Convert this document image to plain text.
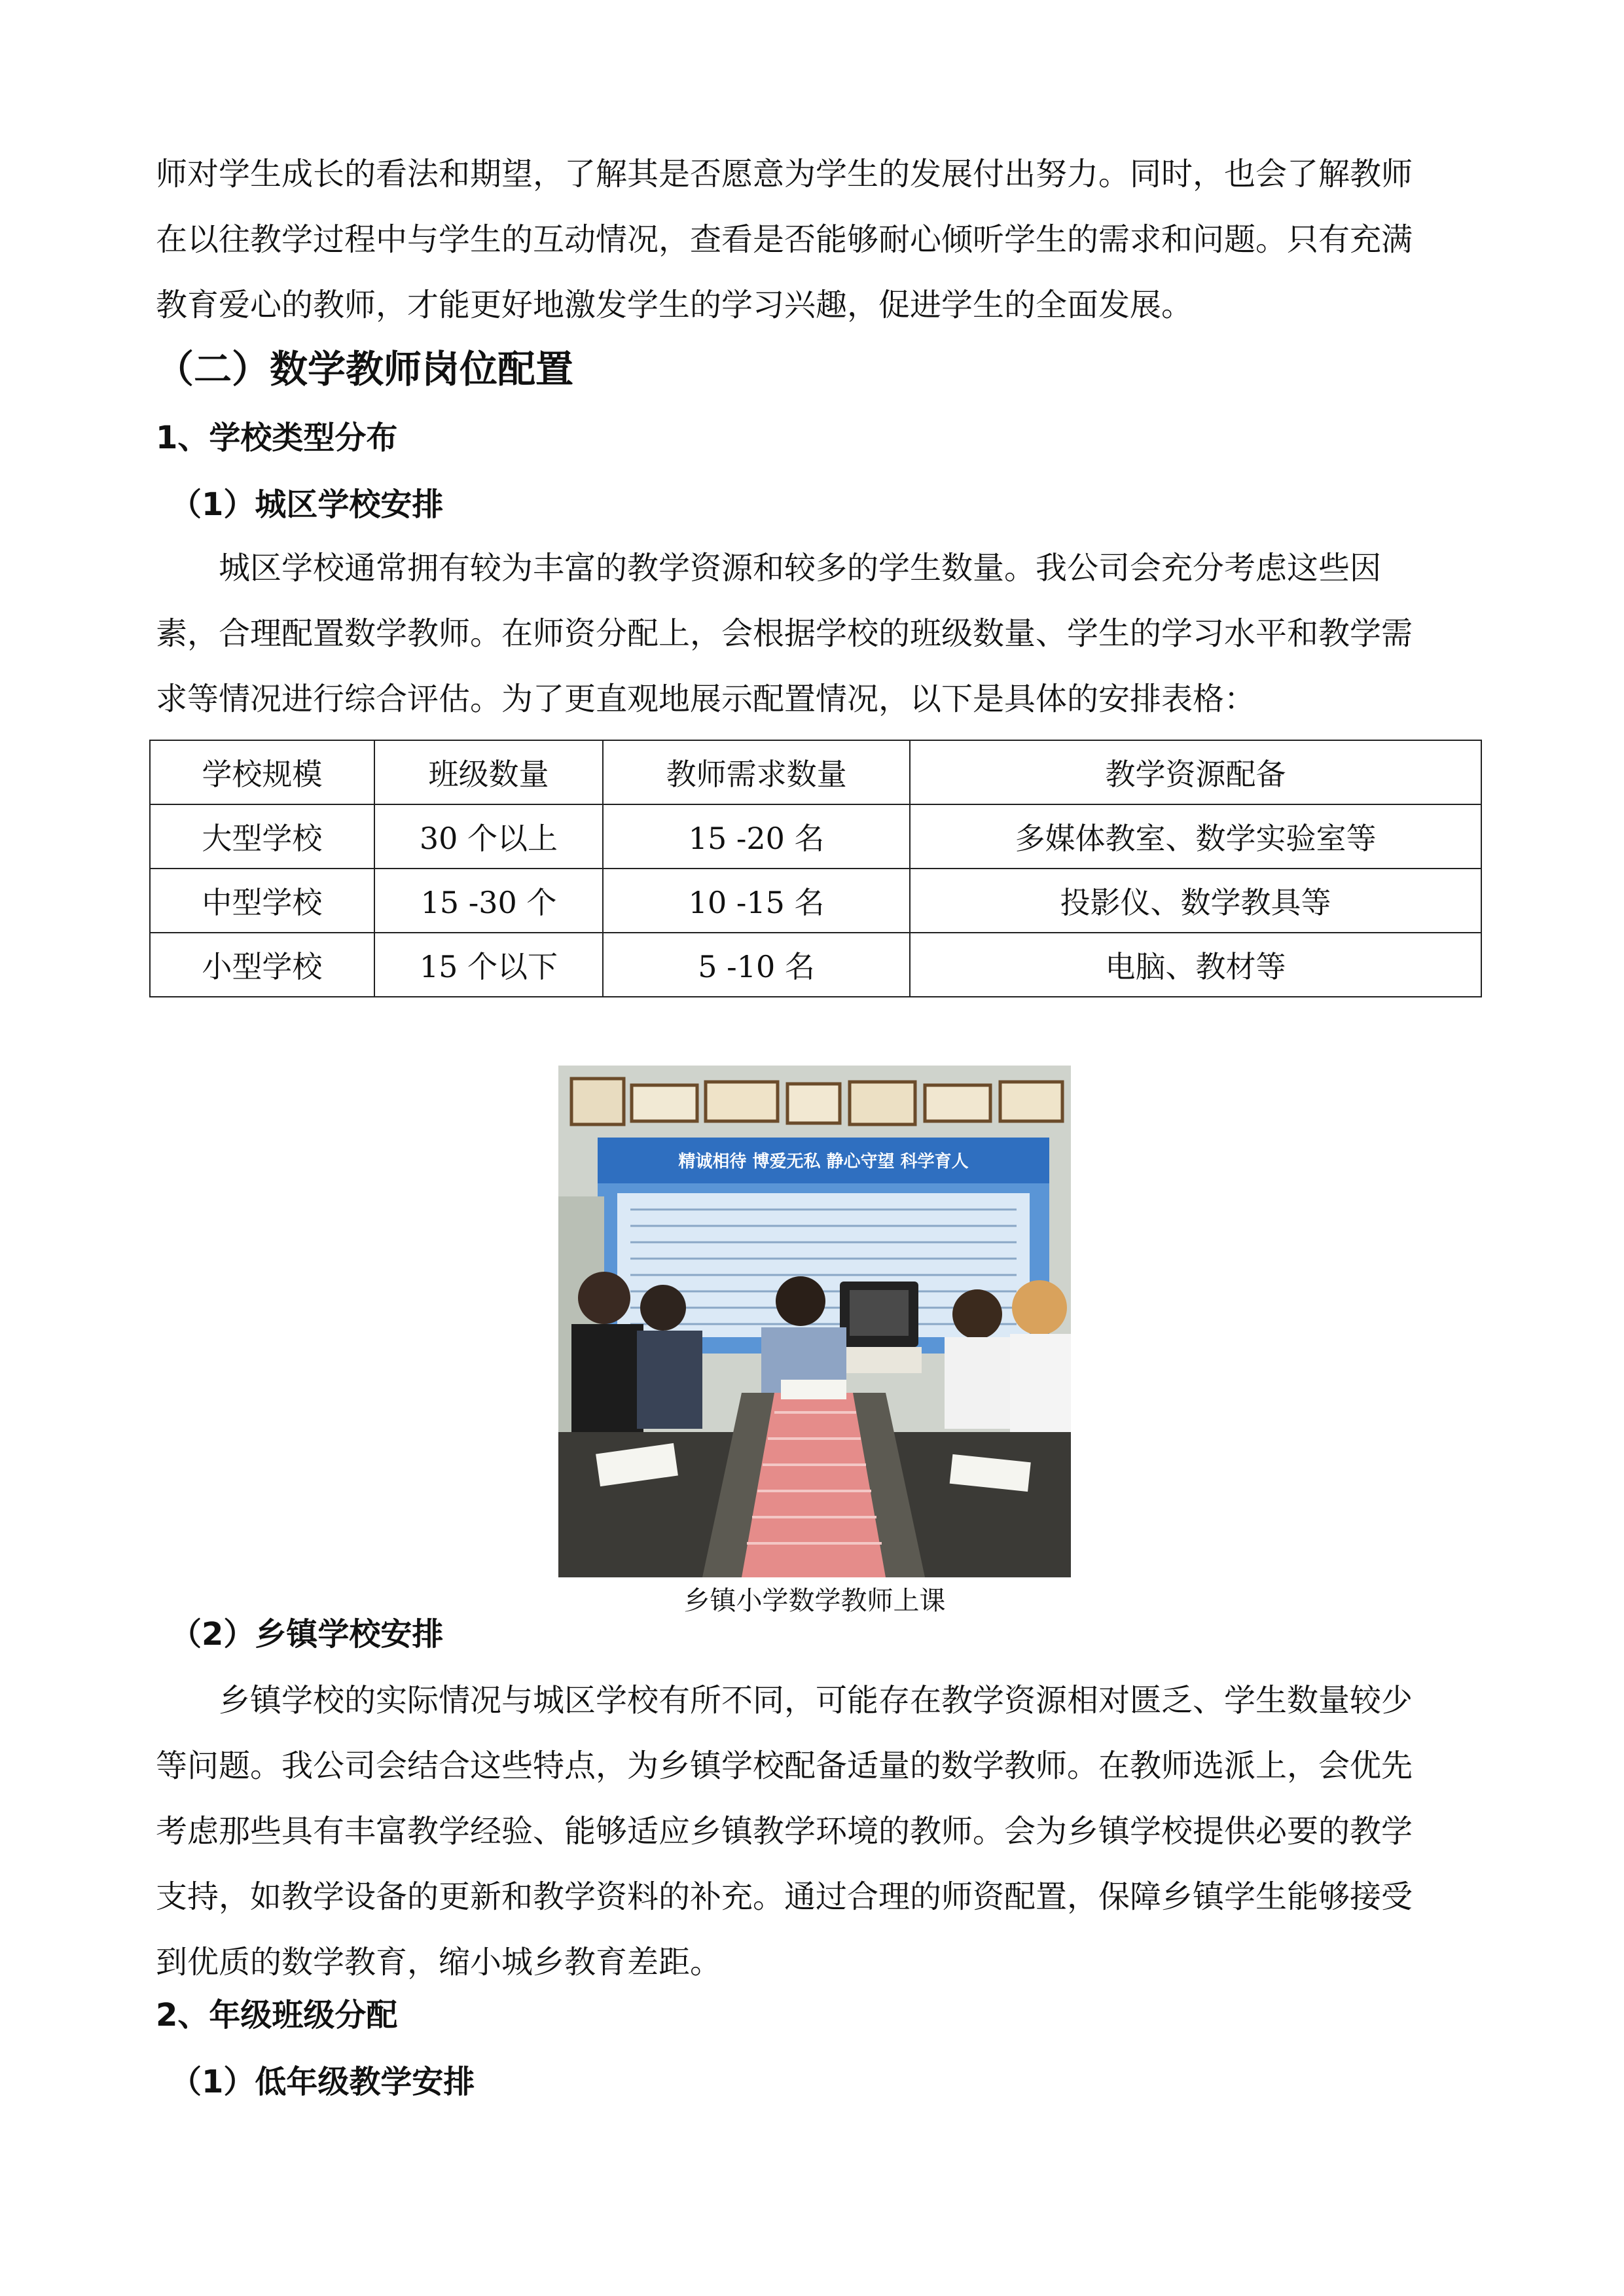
师对学生成长的看法和期望，了解其是否愿意为学生的发展付出努力。同时，也会了解教师
在以往教学过程中与学生的互动情况，查看是否能够耐心倾听学生的需求和问题。只有充满
教育爱心的教师，才能更好地激发学生的学习兴趣，促进学生的全面发展。
（二）数学教师岗位配置
1、学校类型分布
（1）城区学校安排
城区学校通常拥有较为丰富的教学资源和较多的学生数量。我公司会充分考虑这些因
素，合理配置数学教师。在师资分配上，会根据学校的班级数量、学生的学习水平和教学需
求等情况进行综合评估。为了更直观地展示配置情况，以下是具体的安排表格：
学校规模	班级数量	教师需求数量	教学资源配备
大型学校	30 个以上	15 -20 名	多媒体教室、数学实验室等
中型学校	15 -30 个	10 -15 名	投影仪、数学教具等
小型学校	15 个以下	5 -10 名	电脑、教材等
精诚相待 博爱无私 静心守望 科学育人

乡镇小学数学教师上课

（2）乡镇学校安排
乡镇学校的实际情况与城区学校有所不同，可能存在教学资源相对匮乏、学生数量较少
等问题。我公司会结合这些特点，为乡镇学校配备适量的数学教师。在教师选派上，会优先
考虑那些具有丰富教学经验、能够适应乡镇教学环境的教师。会为乡镇学校提供必要的教学
支持，如教学设备的更新和教学资料的补充。通过合理的师资配置，保障乡镇学生能够接受
到优质的数学教育，缩小城乡教育差距。
2、年级班级分配
（1）低年级教学安排
